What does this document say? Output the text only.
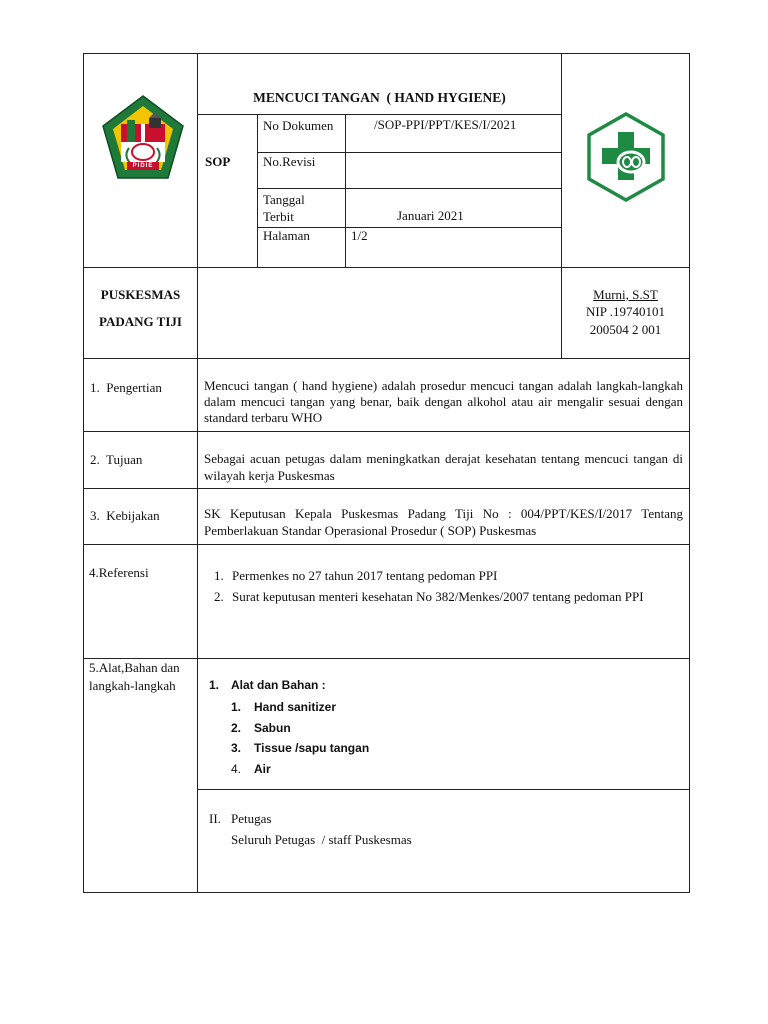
PIDIE
MENCUCI TANGAN  ( HAND HYGIENE)
SOP
No Dokumen	/SOP-PPI/PPT/KES/I/2021
No.Revisi
Tanggal Terbit	Januari 2021
Halaman	1/2
PUSKESMAS
PADANG TIJI
Murni, S.ST
NIP .19740101
200504 2 001
1.  Pengertian	Mencuci tangan ( hand hygiene) adalah prosedur mencuci tangan adalah langkah-langkah dalam mencuci tangan yang benar, baik dengan alkohol atau air mengalir sesuai dengan standard terbaru WHO
2.  Tujuan	Sebagai acuan petugas dalam meningkatkan derajat kesehatan tentang mencuci tangan di wilayah kerja Puskesmas
3.  Kebijakan	SK Keputusan Kepala Puskesmas Padang Tiji No : 004/PPT/KES/I/2017 Tentang Pemberlakuan Standar Operasional Prosedur ( SOP) Puskesmas
4.Referensi	1. Permenkes no 27 tahun 2017 tentang pedoman PPI
2. Surat keputusan menteri kesehatan No 382/Menkes/2007 tentang pedoman PPI
5.Alat,Bahan dan langkah-langkah	1. Alat dan Bahan :
1.	Hand sanitizer
2.	Sabun
3.	Tissue /sapu tangan
4.	Air
II. Petugas
Seluruh Petugas  / staff Puskesmas
